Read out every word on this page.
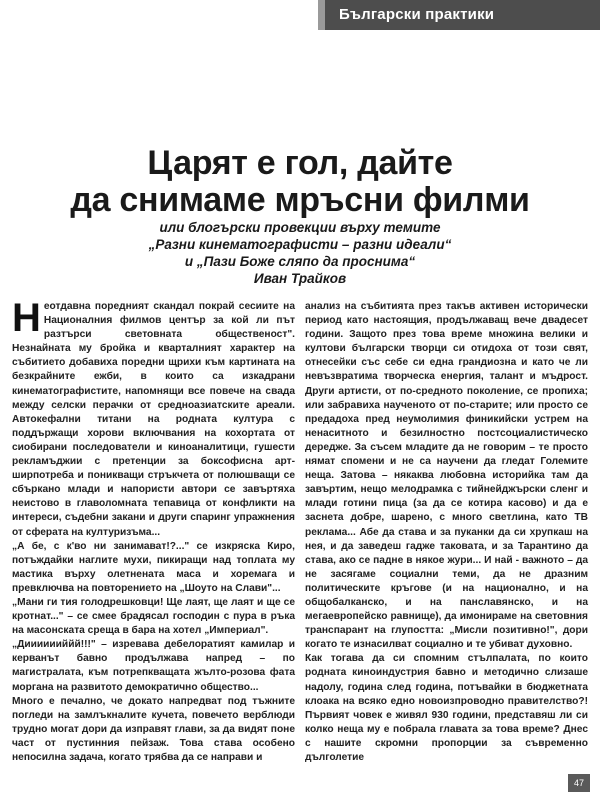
Български практики
Царят е гол, дайте
да снимаме мръсни филми
или блогърски провекции върху темите
„Разни кинематографисти – разни идеали“
и „Пази Боже сляпо да проснима“
Иван Трайков

Неотдавна поредният скандал покрай сесиите на Националния филмов център за кой ли път разтърси световната общественост". Незнайната му бройка и кварталният характер на събитието добавиха поредни щрихи към картината на безкрайните ежби, в които са изкадрани кинематографистите, напомнящи все повече на свада между селски перачки от средноазиатските ареали. Автокефални титани на родната култура с поддържащи хорови включвания на кохортата от сиобирани последователи и киноаналитици, гушести рекламъджии с претенции за боксофисна арт-ширпотреба и поникващи стръкчета от полюшващи се сбъркано млади и напористи автори се завъртяха неистово в главоломната тепавица от конфликти на интереси, съдебни закани и други спаринг упражнения от сферата на културизъма...

„А бе, с к'во ни занимават!?..." се изкряска Киро, потъждайки наглите мухи, пикиращи над топлата му мастика върху олетнената маса и хоремага и превключва на повторението на „Шоуто на Слави"...

„Мани ги тия голодрешковци! Ще лаят, ще лаят и ще се кротнат..." – се смее брадясал господин с пура в ръка на масонската среща в бара на хотел „Империал".

„Дииииииййй!!!" – изревава дебелоратият камилар и керванът бавно продължава напред – по магистралата, към потрепкващата жълто-розова фата моргана на развитото демократично общество...

Много е печално, че докато напредват под тъжните погледи на замлъкналите кучета, повечето верблюди трудно могат дори да изправят глави, за да видят поне част от пустинния пейзаж. Това става особено непосилна задача, когато трябва да се направи и

анализ на събитията през такъв активен исторически период като настоящия, продължаващ вече двадесет години. Защото през това време множина велики и култови български творци си отидоха от този свят, отнесейки със себе си една грандиозна и като че ли невъзвратима творческа енергия, талант и мъдрост. Други артисти, от по-средното поколение, се пропиха; или забравиха наученото от по-старите; или просто се предадоха пред неумолимия финикийски устрем на ненаситното и безилностно постсоциалистическо дередже. За съсем младите да не говорим – те просто нямат спомени и не са научени да гледат Големите неща. Затова – някаква любовна историйка там да завъртим, нещо мелодрамка с тийнейджърски сленг и млади готини пица (за да се котира касово) и да е заснета добре, шарено, с много светлина, като ТВ реклама... Абе да става и за пуканки да си хрупкаш на нея, и да заведеш гадже таковата, и за Тарантино да става, ако се падне в някое жури... И най - важното – да не засягаме социални теми, да не дразним политическите кръгове (и на национално, и на общобалканско, и на панславянско, и на мегаевропейско равнище), да имонираме на световния транспарант на глупостта: „Мисли позитивно!", дори когато те изнасилват социално и те убиват духовно.

Как тогава да си спомним стълпалата, по които родната киноиндустрия бавно и методично слизаше надолу, година след година, потъвайки в бюджетната клоака на всяко едно новоизпроводно правителство?! Първият човек е живял 930 години, представяш ли си колко неща му е побрала главата за това време? Днес с нашите скромни пропорции за съвременно дълголетие

47
